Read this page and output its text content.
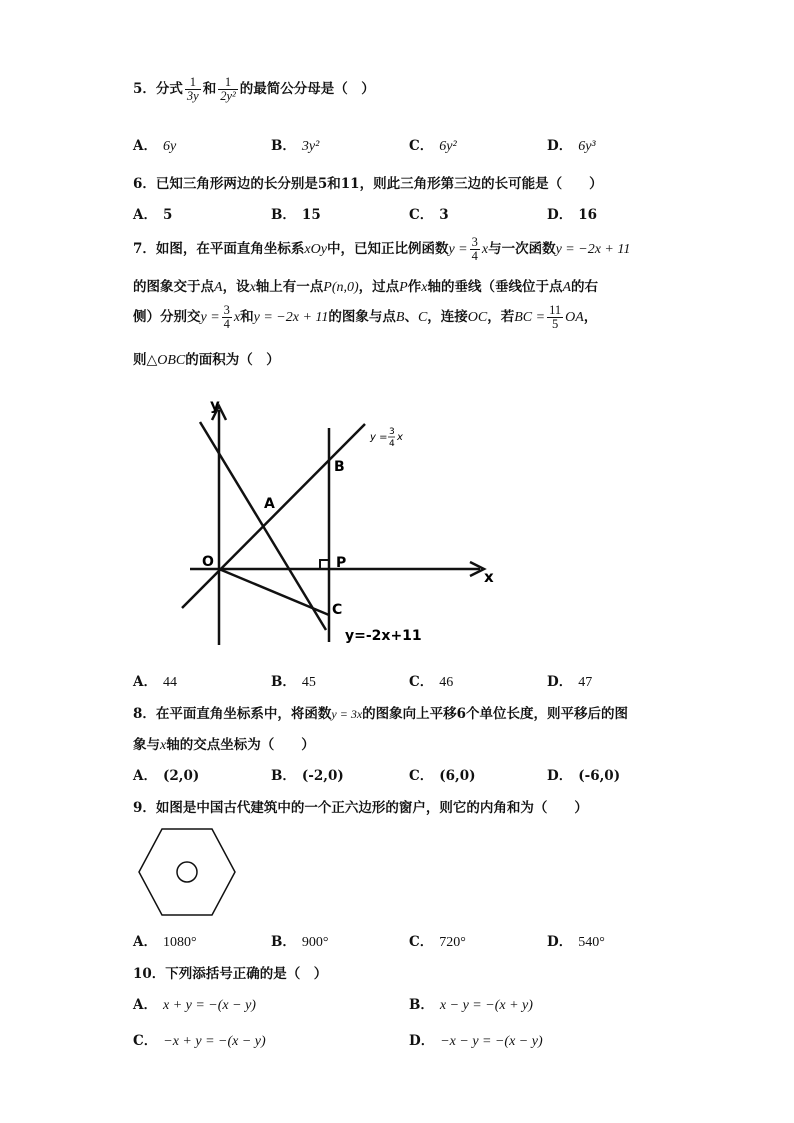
5．分式 $\frac{1}{3y}$ 和 $\frac{1}{\text{2y²}}$ 的最简公分母是（　）
A． 6y	B． 3y²	C． 6y²	D． 6y³
6．已知三角形两边的长分别是5和11，则此三角形第三边的长可能是（　　）
A． 5	B． 15	C． 3	D． 16
7．如图，在平面直角坐标系xOy中，已知正比例函数$y = \frac{3}{4}$ x与一次函数y = −2x + 11
的图象交于点A，设x轴上有一点P(n,0)，过点P作x轴的垂线（垂线位于点A的右
侧）分别交$y = \frac{3}{4}$ x和y = −2x + 11的图象与点B、C，连接OC，若BC = $\frac{11}{5}$ OA，
则△OBC的面积为（　）
y
x
O
A
B
P
C
y = 3
4
x
y=-2x+11
A． 44	B． 45	C． 46	D． 47
8．在平面直角坐标系中，将函数y = 3x的图象向上平移6个单位长度，则平移后的图
象与x轴的交点坐标为（　　）
A． (2,0)	B． (-2,0)	C． (6,0)	D． (-6,0)
9．如图是中国古代建筑中的一个正六边形的窗户，则它的内角和为（　　）
A． 1080°	B． 900°	C． 720°	D． 540°
10．下列添括号正确的是（　）
A． x + y = −(x − y)	B． x − y = −(x + y)
C． −x + y = −(x − y)	D． −x − y = −(x − y)
